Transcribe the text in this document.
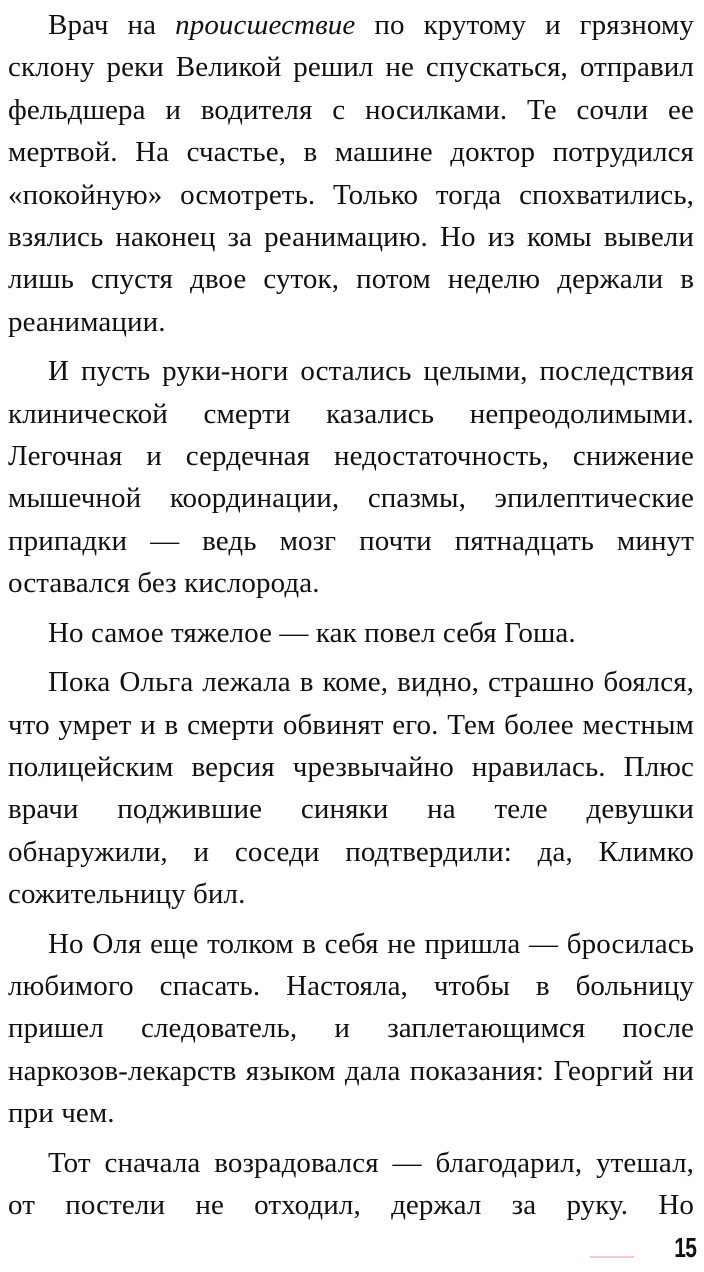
Врач на происшествие по крутому и грязному склону реки Великой решил не спускаться, отправил фельдшера и водителя с носилками. Те сочли ее мертвой. На счастье, в машине доктор потрудился «покойную» осмотреть. Только тогда спохватились, взялись наконец за реанимацию. Но из комы вывели лишь спустя двое суток, потом неделю держали в реанимации.

И пусть руки-ноги остались целыми, последствия клинической смерти казались непреодолимыми. Легочная и сердечная недостаточность, снижение мышечной координации, спазмы, эпилептические припадки — ведь мозг почти пятнадцать минут оставался без кислорода.

Но самое тяжелое — как повел себя Гоша.

Пока Ольга лежала в коме, видно, страшно боялся, что умрет и в смерти обвинят его. Тем более местным полицейским версия чрезвычайно нравилась. Плюс врачи поджившие синяки на теле девушки обнаружили, и соседи подтвердили: да, Климко сожительницу бил.

Но Оля еще толком в себя не пришла — бросилась любимого спасать. Настояла, чтобы в больницу пришел следователь, и заплетающимся после наркозов-лекарств языком дала показания: Георгий ни при чем.

Тот сначала возрадовался — благодарил, утешал, от постели не отходил, держал за руку. Но

15
